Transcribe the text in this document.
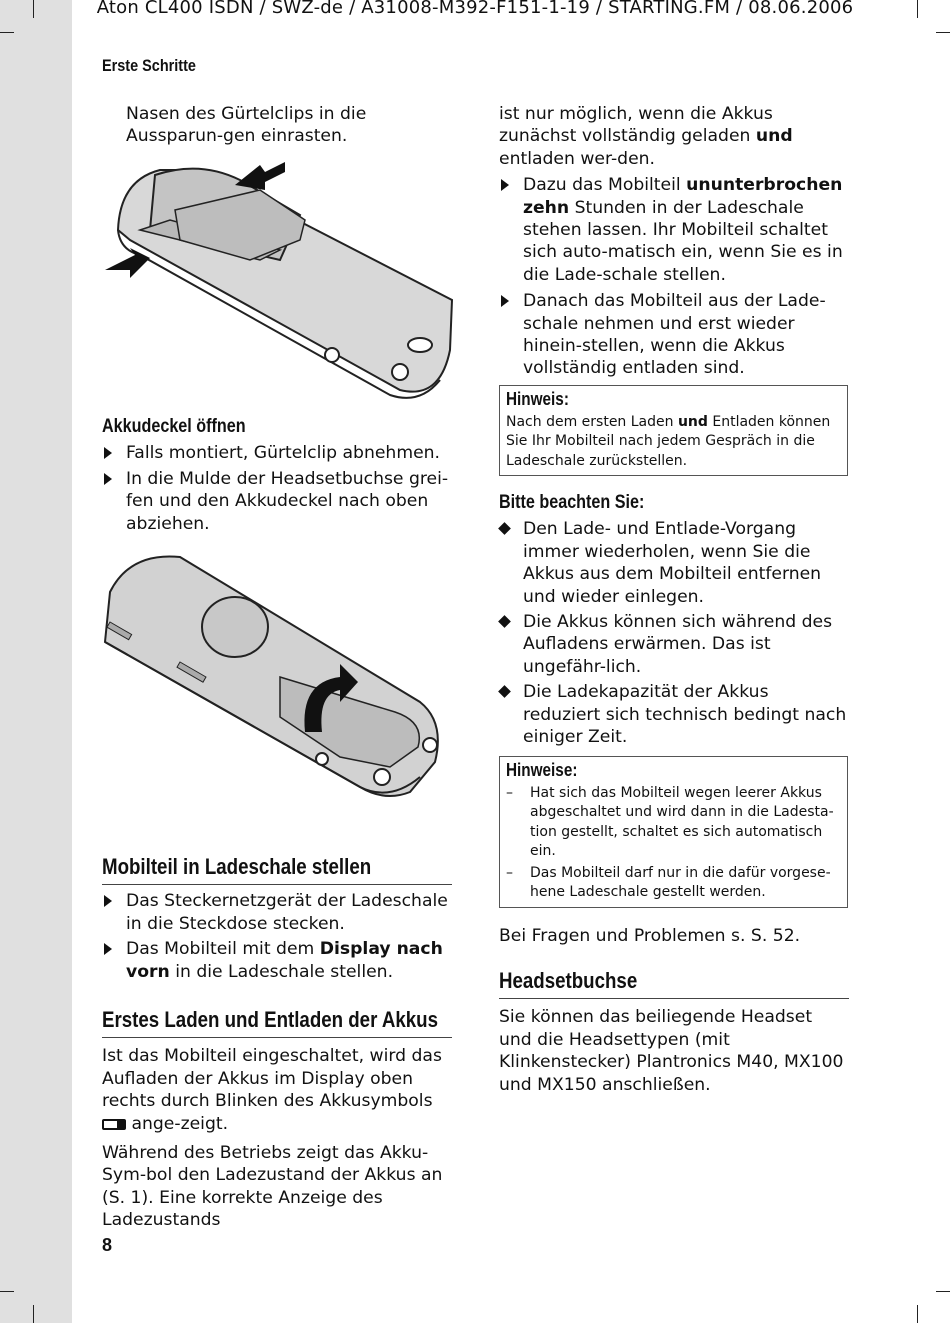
Aton CL400 ISDN / SWZ-de / A31008-M392-F151-1-19 / STARTING.FM / 08.06.2006
Erste Schritte

Nasen des Gürtelclips in die Aussparun-gen einrasten.

Akkudeckel öffnen

Falls montiert, Gürtelclip abnehmen.

In die Mulde der Headsetbuchse grei-fen und den Akkudeckel nach oben abziehen.

Mobilteil in Ladeschale stellen

Das Steckernetzgerät der Ladeschale in die Steckdose stecken.

Das Mobilteil mit dem Display nach vorn in die Ladeschale stellen.

Erstes Laden und Entladen der Akkus

Ist das Mobilteil eingeschaltet, wird das Aufladen der Akkus im Display oben rechts durch Blinken des Akkusymbols
ange-zeigt.

Während des Betriebs zeigt das Akku-Sym-bol den Ladezustand der Akkus an (S. 1). Eine korrekte Anzeige des Ladezustands

8

ist nur möglich, wenn die Akkus zunächst vollständig geladen und entladen wer-den.

Dazu das Mobilteil ununterbrochen zehn Stunden in der Ladeschale stehen lassen. Ihr Mobilteil schaltet sich auto-matisch ein, wenn Sie es in die Lade-schale stellen.

Danach das Mobilteil aus der Lade-schale nehmen und erst wieder hinein-stellen, wenn die Akkus vollständig entladen sind.

Hinweis:
Nach dem ersten Laden und Entladen können Sie Ihr Mobilteil nach jedem Gespräch in die Ladeschale zurückstellen.
Bitte beachten Sie:

Den Lade- und Entlade-Vorgang immer wiederholen, wenn Sie die Akkus aus dem Mobilteil entfernen und wieder einlegen.

Die Akkus können sich während des Aufladens erwärmen. Das ist ungefähr-lich.

Die Ladekapazität der Akkus reduziert sich technisch bedingt nach einiger Zeit.

Hinweise:
– Hat sich das Mobilteil wegen leerer Akkus abgeschaltet und wird dann in die Ladesta-tion gestellt, schaltet es sich automatisch ein.
– Das Mobilteil darf nur in die dafür vorgese-hene Ladeschale gestellt werden.

Bei Fragen und Problemen s. S. 52.

Headsetbuchse

Sie können das beiliegende Headset und die Headsettypen (mit Klinkenstecker) Plantronics M40, MX100 und MX150 anschließen.
